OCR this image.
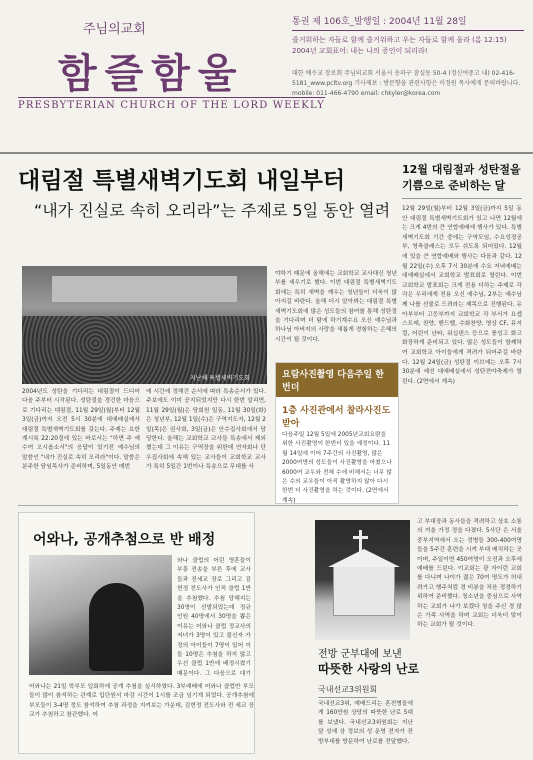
주님의교회
함즐함울
PRESBYTERIAN CHURCH OF THE LORD WEEKLY
통권 제 106호_발행일 : 2004년 11월 28일
즐거워하는 자들로 함께 즐거워하고 우는 자들로 함께 울라 (롬 12:15) 2004년 교회표어: 내는 나의 증인이 되리라!
대한 예수교 장로회 주님의교회 서울시 송파구 잠실동 50-4 (정신여중고 내) 02-416-5181_www.pcltv.org 기사제보 : 방문향을 관련사항은 이정원 목사에게 문의바랍니다. mobile: 011-466-4790 email: chkyler@korea.com
대림절 특별새벽기도회 내일부터
“내가 진실로 속히 오리라”는 주제로 5일 동안 열려
지난해 특별새벽기도회
2004년도 성탄을 기다리는 대림절이 드디어 다음 주부터 시작된다. 성탄절을 경건한 마음으로 기다리는 대림절, 11월 29일(월)부터 12월 3일(금)까지 오전 5시 30분에 대예배실에서 대림절 특별새벽기도회를 갖는다. 주제는 요한계시록 22:20절에 있는 바로서는 "하면 주 예수여 오시옵소서"의 응답이 있기전 예수님의 말씀인 "내가 진실로 속히 오리라"이다. 말씀은 분주한 담임목사가 준비하며, 5일동안 매번
에 시간에 정해진 순서에 따라 특송순서가 있다. 주보에도 이미 공지되었지만 다시 한번 알리면, 11월 29일(월)은 당회원 일동, 11월 30일(화)은 청년부, 12월 1일(수)은 구역지도자, 12월 2일(목)은 권사회, 3일(금)은 안수집사회에서 담당한다. 올해는 교회학교 교사들 특송에서 제외했는데 그 이유는 구역장을 위한데 연자회나 단우집사회에 속해 있는 교사들이 교회학교 교사가 특히 5일간 1번이나 특송으로 무대를 서
야하기 때문에 올해에는 교회학교 교사대신 청년부를 세우기로 했다. 이번 대림절 특별새벽기도회에는 특히 새벽을 깨우는 청년들이 더욱이 많아지길 바란다. 올해 더시 알아봐는 대림절 특별 새벽기도회에 많은 성도들의 참여를 통해 성탄절을 기다리며 더 탐에 하기계수요 오신 예수님과 하나님 아버지의 사랑을 새롭게 경험하는 은혜의 시간이 될 것이다.
요람사진촬영 다음주일 한번더
1층 사진관에서 찰라사진도 받아
다음주일 12월 5일에 2005년교회요람을 위한 사진촬영이 한번더 있을 예정이다. 11월 14일에 이어 7주간의 사진촬영, 많은 2000여명의 성도들이 사진촬영을 마쳤으나 6000여 교우와 전체 수에 비해서는 너무 많은 수의 교우들이 아직 촬영하지 않아 다시 한번 더 사진촬영을 하는 것이다. (2면에서 계속)
12월 대림절과 성탄절을 기쁨으로 준비하는 달
12월 29일(월)부터 12월 3일(금)까지 5일 동안 대림절 특별새벽기도회가 있고 나면 12월에는 크게 4번의 큰 연합예배에 행사가 있다. 특별새벽기도회 기간 중에는 구역모임, 수요성경공부, 영축클래스는 모두 쉬도록 되어있다. 12월에 있을 큰 연합예배와 행사는 다음과 같다. 12월 22일(수) 오후 7시 30분에 수요 저녁예배는 대예배실에서 교회학교 발표회로 열린다. 이번 교회학교 발표회는 크게 전용 더하는 주제로 각각은 우리에게 전용 오신 예수님, 2부는 예수님께 나를 선물로 드려라는 제목으로 진행된다. 유아부부터 고등부까지 교회학교 각 부서가 요셉스트레, 찬양, 핸드벨, 수화찬양, 영상 CF, 뮤지컬, 어린이 난타, 워십댄스 등으로 풍성고 화고 화장하게 준비되고 있다. 많은 성도들이 함께하여 교회학교 아이들에게 격려가 되어주길 바란다. 12월 24일(금) 성탄절 이브에는 오후 7시 30분에 예선 대예배실에서 성탄전야축제가 열린다. (2면에서 계속)
어와나, 공개추첨으로 반 배정
와나 클럽의 어린 영혼들이 부흥 전송을 부른 후에 교사들과 전세교 장로 그리고 김현정 전도사가 인적 클럽 1반을 추첨했다. 추첨 당해지는 30명이 선발되었는데 정규 인원 40명에서 30명을 뽑은 이유는 어와나 클럽 정교사의 저녀가 3명이 있고 불신자 가정의 아이들이 7명이 있어 이들 10명은 추첨을 하지 않고 우선 클럽 1반에 배정시켰기 때문이다. 그 다음으로 대기
어와나는 21일 학부모 입회하에 공개 추첨을 실시하였다. 3부예배에 어와나 클럽반 부모들이 많이 참석하는 관계로 입단원서 마감 시간이 1시를 조금 넘기게 되었다. 공개추첨에 부모들이 3-4명 정도 참석하여 추첨 과정을 지켜보는 가운데, 김현정 전도사와 전 세교 장교가 추첨하고 참관했다. 어
전방 군부대에 보낸
따뜻한 사랑의 난로
국내선교3위원회
국내선교3위, 예배드리는 혼전병들에게 160만원 상당의 따뜻한 난로 5대를 보냈다. 국내선교3위원회는 지난달 성예 상 정보의 성 운영 전자가 전방부대를 방문하여 난로를 전달했다.
고 부대장과 동사들을 격려하고 상호 소통의 겨울 가정 정을 다졌다. 5사단 은 서울 중부지역에서 오는 정병들 300-400여명들을 5주간 훈련을 시켜 부대 배치하는 곳이며, 주일이면 450여명이 오전과 오후에 예배를 드린다. 이교회는 광 자이런 교회를 다니며 나이가 젊은 70여 명도가 허내려가고 행주처럼 경 비봉을 처음 경경하기 위하여 준비했다. 청소년을 중심으로 사역하는 교회가 나가 보겠다 청을 주신 경 많은 가족 사역을 하며 교회는 더욱더 맞이하는 교회가 될 것이다.
